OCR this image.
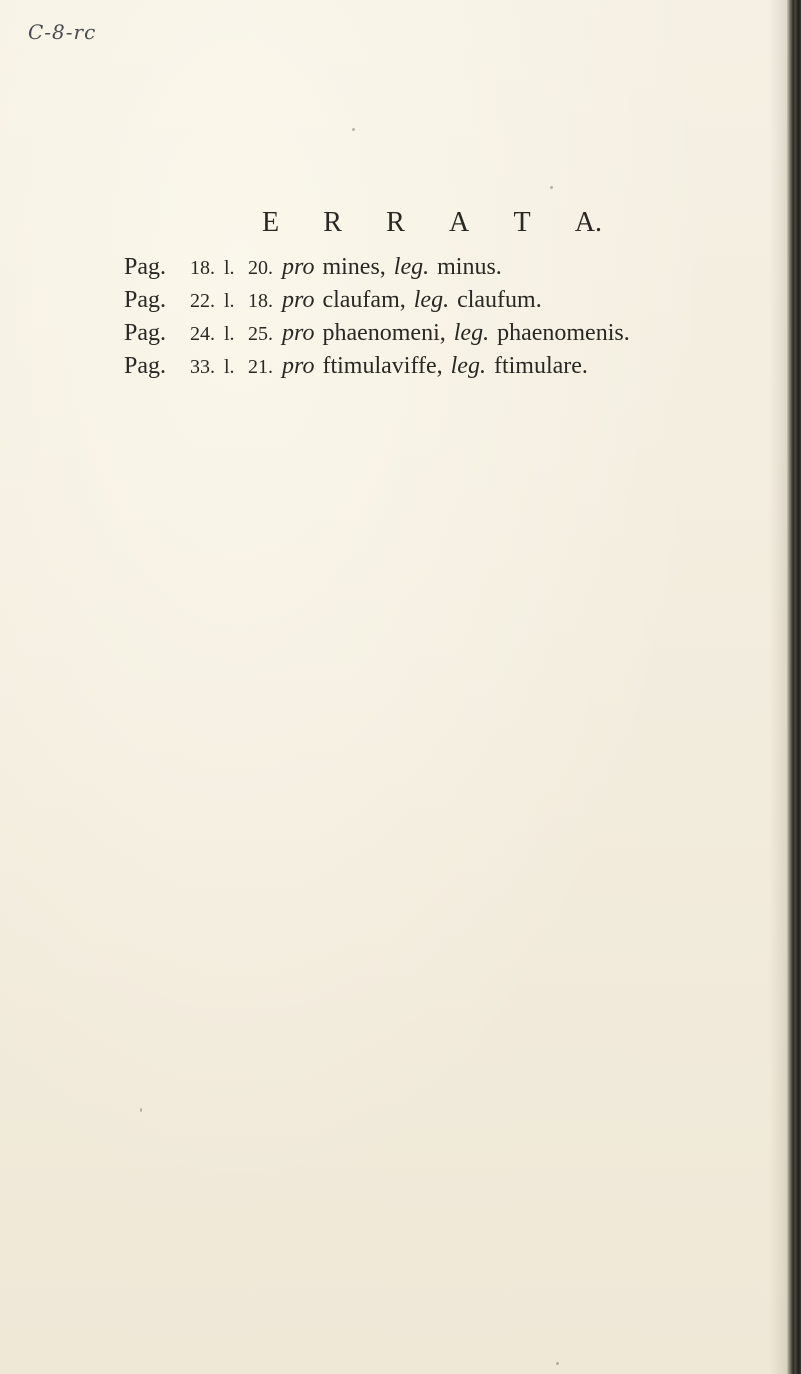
C-8-rc
E R R A T A.
Pag.	18. l. 20. pro mines, leg. minus.
Pag.	22. l. 18. pro claufam, leg. claufum.
Pag.	24. l. 25. pro phaenomeni, leg. phaenomenis.
Pag.	33. l. 21. pro ftimulaviffe, leg. ftimulare.
